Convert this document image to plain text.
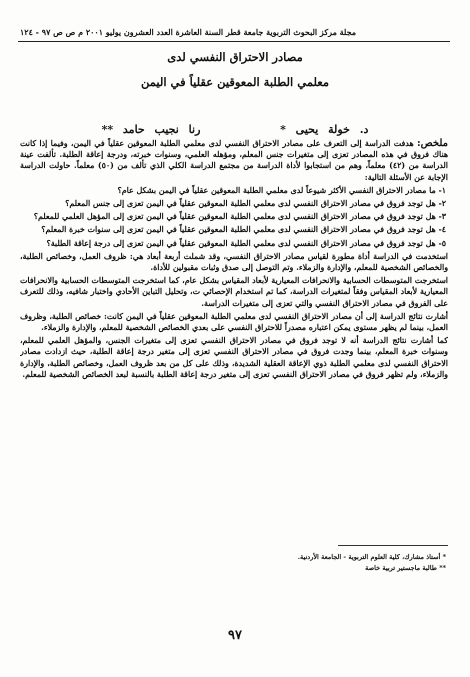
مجلة مركز البحوث التربوية جامعة قطر السنة العاشرة العدد العشرون يوليو ٢٠٠١ م ص ص ٩٧ - ١٢٤
مصادر الاحتراق النفسي لدى
معلمي الطلبة المعوقين عقلياً في اليمن
د. خولة يحيى *  رنا نجيب حامد **

ملخص: هدفت الدراسة إلى التعرف على مصادر الاحتراق النفسي لدى معلمي الطلبة المعوقين عقلياً في اليمن، وفيما إذا كانت هناك فروق في هذه المصادر تعزى إلى متغيرات جنس المعلم، ومؤهله العلمي، وسنوات خبرته، ودرجة إعاقة الطلبة. تألفت عينة الدراسة من (٤٢) معلماً، وهم من استجابوا لأداة الدراسة من مجتمع الدراسة الكلي الذي تألف من (٥٠) معلماً. حاولت الدراسة الإجابة عن الأسئلة التالية:

١- ما مصادر الاحتراق النفسي الأكثر شيوعاً لدى معلمي الطلبة المعوقين عقلياً في اليمن بشكل عام؟

٢- هل توجد فروق في مصادر الاحتراق النفسي لدى معلمي الطلبة المعوقين عقلياً في اليمن تعزى إلى جنس المعلم؟

٣- هل توجد فروق في مصادر الاحتراق النفسي لدى معلمي الطلبة المعوقين عقلياً في اليمن تعزى إلى المؤهل العلمي للمعلم؟

٤- هل توجد فروق في مصادر الاحتراق النفسي لدى معلمي الطلبة المعوقين عقلياً في اليمن تعزى إلى سنوات خبرة المعلم؟

٥- هل توجد فروق في مصادر الاحتراق النفسي لدى معلمي الطلبة المعوقين عقلياً في اليمن تعزى إلى درجة إعاقة الطلبة؟

استخدمت في الدراسة أداة مطورة لقياس مصادر الاحتراق النفسي، وقد شملت أربعة أبعاد هي: ظروف العمل، وخصائص الطلبة، والخصائص الشخصية للمعلم، والإدارة والزملاء. وتم التوصل إلى صدق وثبات مقبولين للأداة.

استخرجت المتوسطات الحسابية والانحرافات المعيارية لأبعاد المقياس بشكل عام، كما استخرجت المتوسطات الحسابية والانحرافات المعيارية لأبعاد المقياس وفقاً لمتغيرات الدراسة، كما تم استخدام الإحصائي ت، وتحليل التباين الأحادي واختبار شافيه، وذلك للتعرف على الفروق في مصادر الاحتراق النفسي والتي تعزى إلى متغيرات الدراسة.

أشارت نتائج الدراسة إلى أن مصادر الاحتراق النفسي لدى معلمي الطلبة المعوقين عقلياً في اليمن كانت: خصائص الطلبة، وظروف العمل، بينما لم يظهر مستوى يمكن اعتباره مصدراً للاحتراق النفسي على بعدي الخصائص الشخصية للمعلم، والإدارة والزملاء.

كما أشارت نتائج الدراسة أنه لا توجد فروق في مصادر الاحتراق النفسي تعزى إلى متغيرات الجنس، والمؤهل العلمي للمعلم، وسنوات خبرة المعلم، بينما وجدت فروق في مصادر الاحتراق النفسي تعزى إلى متغير درجة إعاقة الطلبة، حيث ازدادت مصادر الاحتراق النفسي لدى معلمي الطلبة ذوي الإعاقة العقلية الشديدة، وذلك على كل من بعد ظروف العمل، وخصائص الطلبة، والإدارة والزملاء، ولم تظهر فروق في مصادر الاحتراق النفسي تعزى إلى متغير درجة إعاقة الطلبة بالنسبة لبعد الخصائص الشخصية للمعلم.

* أستاذ مشارك، كلية العلوم التربوية - الجامعة الأردنية.
** طالبة ماجستير تربية خاصة
٩٧
